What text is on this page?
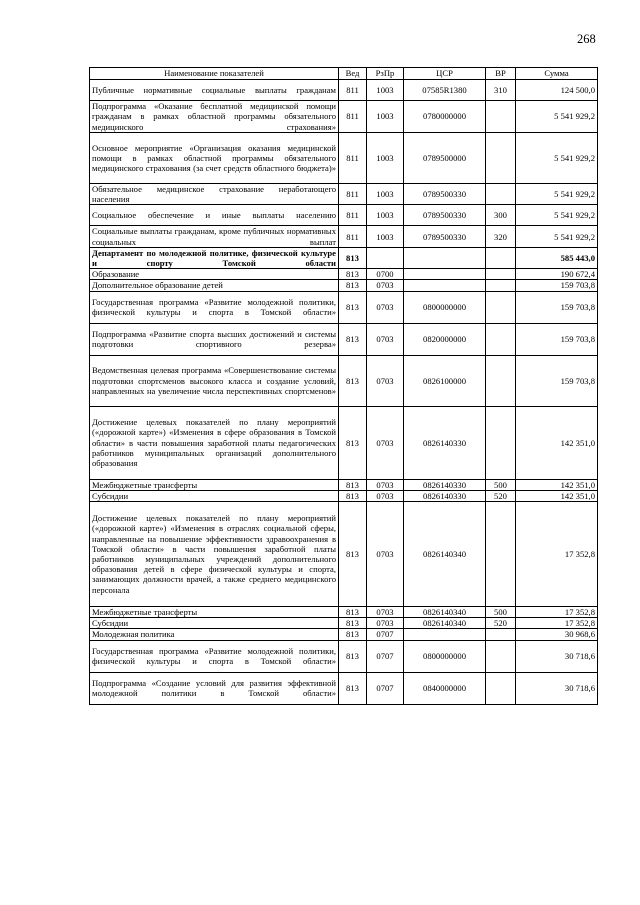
268
Наименование показателей	Вед	РзПр	ЦСР	ВР	Сумма
Публичные нормативные социальные выплаты гражданам	811	1003	07585R1380	310	124 500,0
Подпрограмма «Оказание бесплатной медицинской помощи гражданам в рамках областной программы обязательного медицинского страхования»	811	1003	0780000000		5 541 929,2
Основное мероприятие «Организация оказания медицинской помощи в рамках областной программы обязательного медицинского страхования (за счет средств областного бюджета)»	811	1003	0789500000		5 541 929,2
Обязательное медицинское страхование неработающего населения	811	1003	0789500330		5 541 929,2
Социальное обеспечение и иные выплаты населению	811	1003	0789500330	300	5 541 929,2
Социальные выплаты гражданам, кроме публичных нормативных социальных выплат	811	1003	0789500330	320	5 541 929,2
Департамент по молодежной политике, физической культуре и спорту Томской области	813				585 443,0
Образование	813	0700			190 672,4
Дополнительное образование детей	813	0703			159 703,8
Государственная программа «Развитие молодежной политики, физической культуры и спорта в Томской области»	813	0703	0800000000		159 703,8
Подпрограмма «Развитие спорта высших достижений и системы подготовки спортивного резерва»	813	0703	0820000000		159 703,8
Ведомственная целевая программа «Совершенствование системы подготовки спортсменов высокого класса и создание условий, направленных на увеличение числа перспективных спортсменов»	813	0703	0826100000		159 703,8
Достижение целевых показателей по плану мероприятий («дорожной карте») «Изменения в сфере образования в Томской области» в части повышения заработной платы педагогических работников муниципальных организаций дополнительного образования	813	0703	0826140330		142 351,0
Межбюджетные трансферты	813	0703	0826140330	500	142 351,0
Субсидии	813	0703	0826140330	520	142 351,0
Достижение целевых показателей по плану мероприятий («дорожной карте») «Изменения в отраслях социальной сферы, направленные на повышение эффективности здравоохранения в Томской области» в части повышения заработной платы работников муниципальных учреждений дополнительного образования детей в сфере физической культуры и спорта, занимающих должности врачей, а также среднего медицинского персонала	813	0703	0826140340		17 352,8
Межбюджетные трансферты	813	0703	0826140340	500	17 352,8
Субсидии	813	0703	0826140340	520	17 352,8
Молодежная политика	813	0707			30 968,6
Государственная программа «Развитие молодежной политики, физической культуры и спорта в Томской области»	813	0707	0800000000		30 718,6
Подпрограмма «Создание условий для развития эффективной молодежной политики в Томской области»	813	0707	0840000000		30 718,6
